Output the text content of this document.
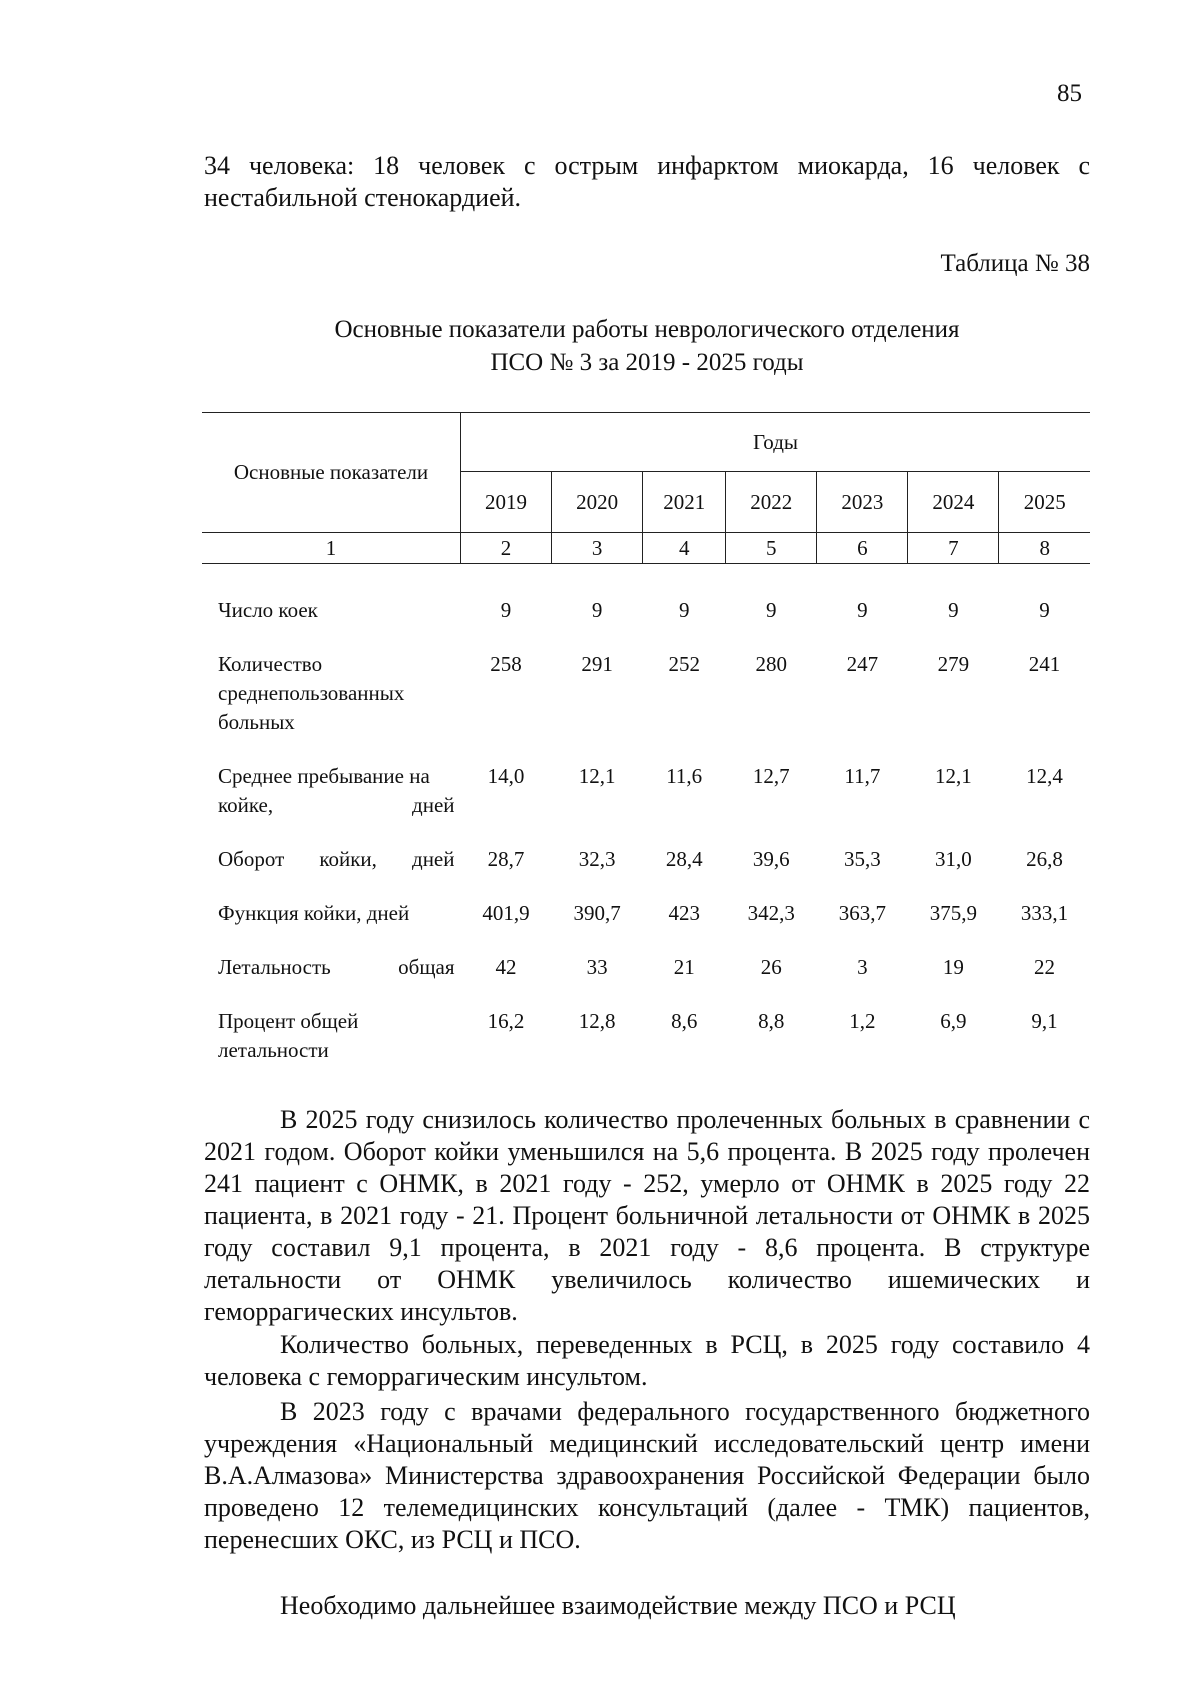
85

34 человека: 18 человек с острым инфарктом миокарда, 16 человек с нестабильной стенокардией.

Таблица № 38
Основные показатели работы неврологического отделения
ПСО № 3 за 2019 - 2025 годы
Основные показатели	Годы						
	2019	2020	2021	2022	2023	2024	2025
1	2	3	4	5	6	7	8
Число коек	9	9	9	9	9	9	9
Количество среднепользованных больных	258	291	252	280	247	279	241
Среднее пребывание на койке, дней	14,0	12,1	11,6	12,7	11,7	12,1	12,4
Оборот койки, дней	28,7	32,3	28,4	39,6	35,3	31,0	26,8
Функция койки, дней	401,9	390,7	423	342,3	363,7	375,9	333,1
Летальность общая	42	33	21	26	3	19	22
Процент общей летальности	16,2	12,8	8,6	8,8	1,2	6,9	9,1

В 2025 году снизилось количество пролеченных больных в сравнении с 2021 годом. Оборот койки уменьшился на 5,6 процента. В 2025 году пролечен 241 пациент с ОНМК, в 2021 году - 252, умерло от ОНМК в 2025 году 22 пациента, в 2021 году - 21. Процент больничной летальности от ОНМК в 2025 году составил 9,1 процента, в 2021 году - 8,6 процента. В структуре летальности от ОНМК увеличилось количество ишемических и геморрагических инсультов.

Количество больных, переведенных в РСЦ, в 2025 году составило 4 человека с геморрагическим инсультом.

В 2023 году с врачами федерального государственного бюджетного учреждения «Национальный медицинский исследовательский центр имени В.А.Алмазова» Министерства здравоохранения Российской Федерации было проведено 12 телемедицинских консультаций (далее - ТМК) пациентов, перенесших ОКС, из РСЦ и ПСО.

Необходимо дальнейшее взаимодействие между ПСО и РСЦ
